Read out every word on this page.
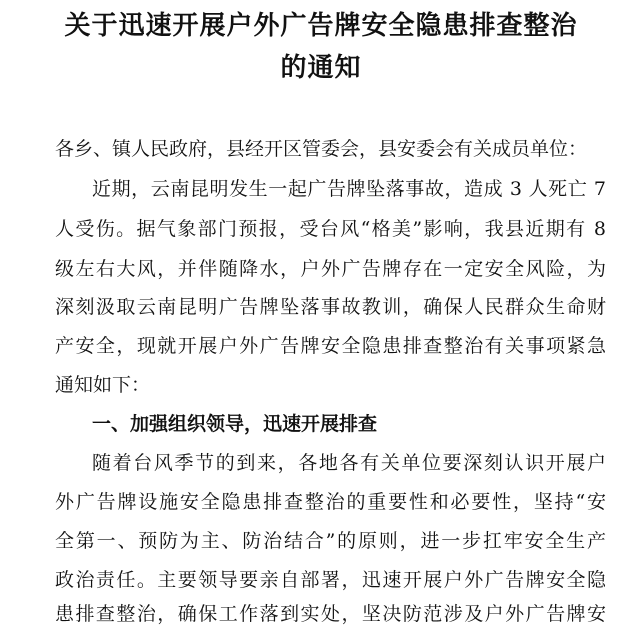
关于迅速开展户外广告牌安全隐患排查整治
的通知

各乡、镇人民政府，县经开区管委会，县安委会有关成员单位：

近期，云南昆明发生一起广告牌坠落事故，造成 3 人死亡 7

人受伤。据气象部门预报，受台风“格美”影响，我县近期有 8

级左右大风，并伴随降水，户外广告牌存在一定安全风险，为

深刻汲取云南昆明广告牌坠落事故教训，确保人民群众生命财

产安全，现就开展户外广告牌安全隐患排查整治有关事项紧急

通知如下：

一、加强组织领导，迅速开展排查

随着台风季节的到来，各地各有关单位要深刻认识开展户

外广告牌设施安全隐患排查整治的重要性和必要性，坚持“安

全第一、预防为主、防治结合”的原则，进一步扛牢安全生产

政治责任。主要领导要亲自部署，迅速开展户外广告牌安全隐

患排查整治，确保工作落到实处，坚决防范涉及户外广告牌安
